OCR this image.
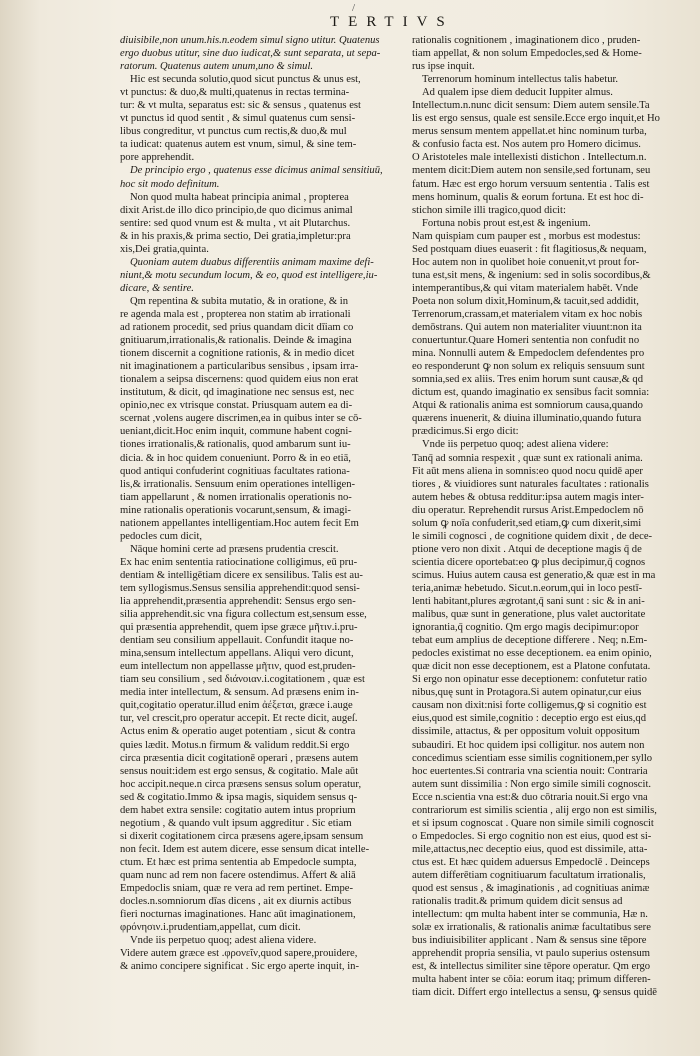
/
TERTIVS

diuisibile,non unum.his.n.eodem simul signo utitur. Quatenus

ergo duobus utitur, sine duo iudicat,& sunt separata, ut sepa-

ratorum. Quatenus autem unum,uno & simul.

Hic est secunda solutio,quod sicut punctus & unus est,

vt punctus: & duo,& multi,quatenus in rectas termina-

tur: & vt multa, separatus est: sic & sensus , quatenus est

vt punctus id quod sentit , & simul quatenus cum sensi-

libus congreditur, vt punctus cum rectis,& duo,& mul

ta iudicat: quatenus autem est vnum, simul, & sine tem-

pore apprehendit.

De principio ergo , quatenus esse dicimus animal sensitiuū,

hoc sit modo definitum.

Non quod multa habeat principia animal , propterea

dixit Arist.de illo dico principio,de quo dicimus animal

sentire: sed quod vnum est & multa , vt ait Plutarchus.

& in his praxis,& prima sectio, Dei gratia,impletur:pra

xis,Dei gratia,quinta.

Quoniam autem duabus differentiis animam maxime defi-

niunt,& motu secundum locum, & eo, quod est intelligere,iu-

dicare, & sentire.

Qm repentina & subita mutatio, & in oratione, & in

re agenda mala est , propterea non statim ab irrationali

ad rationem procedit, sed prius quandam dicit dīiam co

gnitiuarum,irrationalis,& rationalis. Deinde & imagina

tionem discernit a cognitione rationis, & in medio dicet

nit imaginationem a particularibus sensibus , ipsam irra-

tionalem a seipsa discernens: quod quidem eius non erat

institutum, & dicit, qd imaginatione nec sensus est, nec

opinio,nec ex vtrisque constat. Priusquam autem ea di-

scernat ,volens augere discrimen,ea in quibus inter se cō-

ueniant,dicit.Hoc enim inquit, commune habent cogni-

tiones irrationalis,& rationalis, quod ambarum sunt iu-

dicia. & in hoc quidem conueniunt. Porro & in eo etiā,

quod antiqui confuderint cognitiuas facultates rationa-

lis,& irrationalis. Sensuum enim operationes intelligen-

tiam appellarunt , & nomen irrationalis operationis no-

mine rationalis operationis vocarunt,sensum, & imagi-

nationem appellantes intelligentiam.Hoc autem fecit Em

pedocles cum dicit,

Nāque homini certe ad præsens prudentia crescit.

Ex hac enim sententia ratiocinatione colligimus, eū pru-

dentiam & intelligētiam dicere ex sensilibus. Talis est au-

tem syllogismus.Sensus sensilia apprehendit:quod sensi-

lia apprehendit,præsentia apprehendit: Sensus ergo sen-

silia apprehendit.sic vna figura collectum est,sensum esse,

qui præsentia apprehendit, quem ipse græce μῆτιν.i.pru-

dentiam seu consilium appellauit. Confundit itaque no-

mina,sensum intellectum appellans. Aliqui vero dicunt,

eum intellectum non appellasse μῆτιν, quod est,pruden-

tiam seu consilium , sed διάνοιαν.i.cogitationem , quæ est

media inter intellectum, & sensum. Ad præsens enim in-

quit,cogitatio operatur.illud enim ἀέξεται, græce i.auge

tur, vel crescit,pro operatur accepit. Et recte dicit, augeſ.

Actus enim & operatio auget potentiam , sicut & contra

quies lædit. Motus.n firmum & validum reddit.Si ergo

circa præsentia dicit cogitationē operari , præsens autem

sensus nouit:idem est ergo sensus, & cogitatio. Male aūt

hoc accipit.neque.n circa præsens sensus solum operatur,

sed & cogitatio.Immo & ipsa magis, siquidem sensus q-

dem habet extra sensile: cogitatio autem intus proprium

negotium , & quando vult ipsum aggreditur . Sic etiam

si dixerit cogitationem circa præsens agere,ipsam sensum

non fecit. Idem est autem dicere, esse sensum dicat intelle-

ctum. Et hæc est prima sententia ab Empedocle sumpta,

quam nunc ad rem non facere ostendimus. Affert & aliā

Empedoclis sniam, quæ re vera ad rem pertinet. Empe-

docles.n.somniorum dīas dicens , ait ex diurnis actibus

fieri nocturnas imaginationes. Hanc aūt imaginationem,

φρόνησιν.i.prudentiam,appellat, cum dicit.

Vnde iis perpetuo quoq; adest aliena videre.

Videre autem græce est .φρονεῖν,quod sapere,prouidere,

& animo concipere significat . Sic ergo aperte inquit, in-

rationalis cognitionem , imaginationem dico , pruden-

tiam appellat, & non solum Empedocles,sed & Home-

rus ipse inquit.

Terrenorum hominum intellectus talis habetur.

Ad qualem ipse diem deducit Iuppiter almus.

Intellectum.n.nunc dicit sensum: Diem autem sensile.Ta

lis est ergo sensus, quale est sensile.Ecce ergo inquit,et Ho

merus sensum mentem appellat.et hinc nominum turba,

& confusio facta est. Nos autem pro Homero dicimus.

O Aristoteles male intellexisti distichon . Intellectum.n.

mentem dicit:Diem autem non sensile,sed fortunam, seu

fatum. Hæc est ergo horum versuum sententia . Talis est

mens hominum, qualis & eorum fortuna. Et est hoc di-

stichon simile illi tragico,quod dicit:

Fortuna nobis prout est,est & ingenium.

Nam quispiam cum pauper est , morbus est modestus:

Sed postquam diues euaserit : fit flagitiosus,& nequam,

Hoc autem non in quolibet hoie conuenit,vt prout for-

tuna est,sit mens, & ingenium: sed in solis socordibus,&

intemperantibus,& qui vitam materialem habēt. Vnde

Poeta non solum dixit,Hominum,& tacuit,sed addidit,

Terrenorum,crassam,et materialem vitam ex hoc nobis

demōstrans. Qui autem non materialiter viuunt:non ita

conuertuntur.Quare Homeri sententia non confudit no

mina. Nonnulli autem & Empedoclem defendentes pro

eo responderunt ꝙ non solum ex reliquis sensuum sunt

somnia,sed ex aliis. Tres enim horum sunt causæ,& qd

dictum est, quando imaginatio ex sensibus facit somnia:

Atqui & rationalis anima est somniorum causa,quando

quærens inuenerit, & diuina illuminatio,quando futura

prædicimus.Si ergo dicit:

Vnde iis perpetuo quoq; adest aliena videre:

Tanq̄ ad somnia respexit , quæ sunt ex rationali anima.

Fit aūt mens aliena in somnis:eo quod nocu quidē aper

tiores , & viuidiores sunt naturales facultates : rationalis

autem hebes & obtusa redditur:ipsa autem magis inter-

diu operatur. Reprehendit rursus Arist.Empedoclem nō

solum ꝙ noīa confuderit,sed etiam,ꝙ cum dixerit,simi

le simili cognosci , de cognitione quidem dixit , de dece-

ptione vero non dixit . Atqui de deceptione magis q̄ de

scientia dicere oportebat:eo ꝙ plus decipimur,q̄ cognos

scimus. Huius autem causa est generatio,& quæ est in ma

teria,animæ hebetudo. Sicut.n.eorum,qui in loco pestī-

lenti habitant,plures ægrotant,q̄ sani sunt : sic & in ani-

malibus, quæ sunt in generatione, plus valet auctoritate

ignorantia,q̄ cognitio. Qm ergo magis decipimur:opor

tebat eum amplius de deceptione differere . Neq; n.Em-

pedocles existimat no esse deceptionem. ea enim opinio,

quæ dicit non esse deceptionem, est a Platone confutata.

Si ergo non opinatur esse deceptionem: confutetur ratio

nibus,quę sunt in Protagora.Si autem opinatur,cur eius

causam non dixit:nisi forte colligemus,ꝙ si cognitio est

eius,quod est simile,cognitio : deceptio ergo est eius,qd

dissimile, attactus, & per oppositum voluit oppositum

subaudiri. Et hoc quidem ipsi colligitur. nos autem non

concedimus scientiam esse similis cognitionem,per syllo

hoc euertentes.Si contraria vna scientia nouit: Contraria

autem sunt dissimilia : Non ergo simile simili cognoscit.

Ecce n.scientia vna est:& duo cōtraria nouit.Si ergo vna

contrariorum est similis scientia , alij ergo non est similis,

et si ipsum cognoscat . Quare non simile simili cognoscit

o Empedocles. Si ergo cognitio non est eius, quod est si-

mile,attactus,nec deceptio eius, quod est dissimile, atta-

ctus est. Et hæc quidem aduersus Empedoclē . Deinceps

autem differētiam cognitiuarum facultatum irrationalis,

quod est sensus , & imaginationis , ad cognitiuas animæ

rationalis tradit.& primum quidem dicit sensus ad

intellectum: qm multa habent inter se communia, Hæ n.

solæ ex irrationalis, & rationalis animæ facultatibus sere

bus indiuisibiliter applicant . Nam & sensus sine tēpore

apprehendit propria sensilia, vt paulo superius ostensum

est, & intellectus similiter sine tēpore operatur. Qm ergo

multa habent inter se cōia: eorum itaq; primum differen-

tiam dicit. Differt ergo intellectus a sensu, ꝙ sensus quidē
